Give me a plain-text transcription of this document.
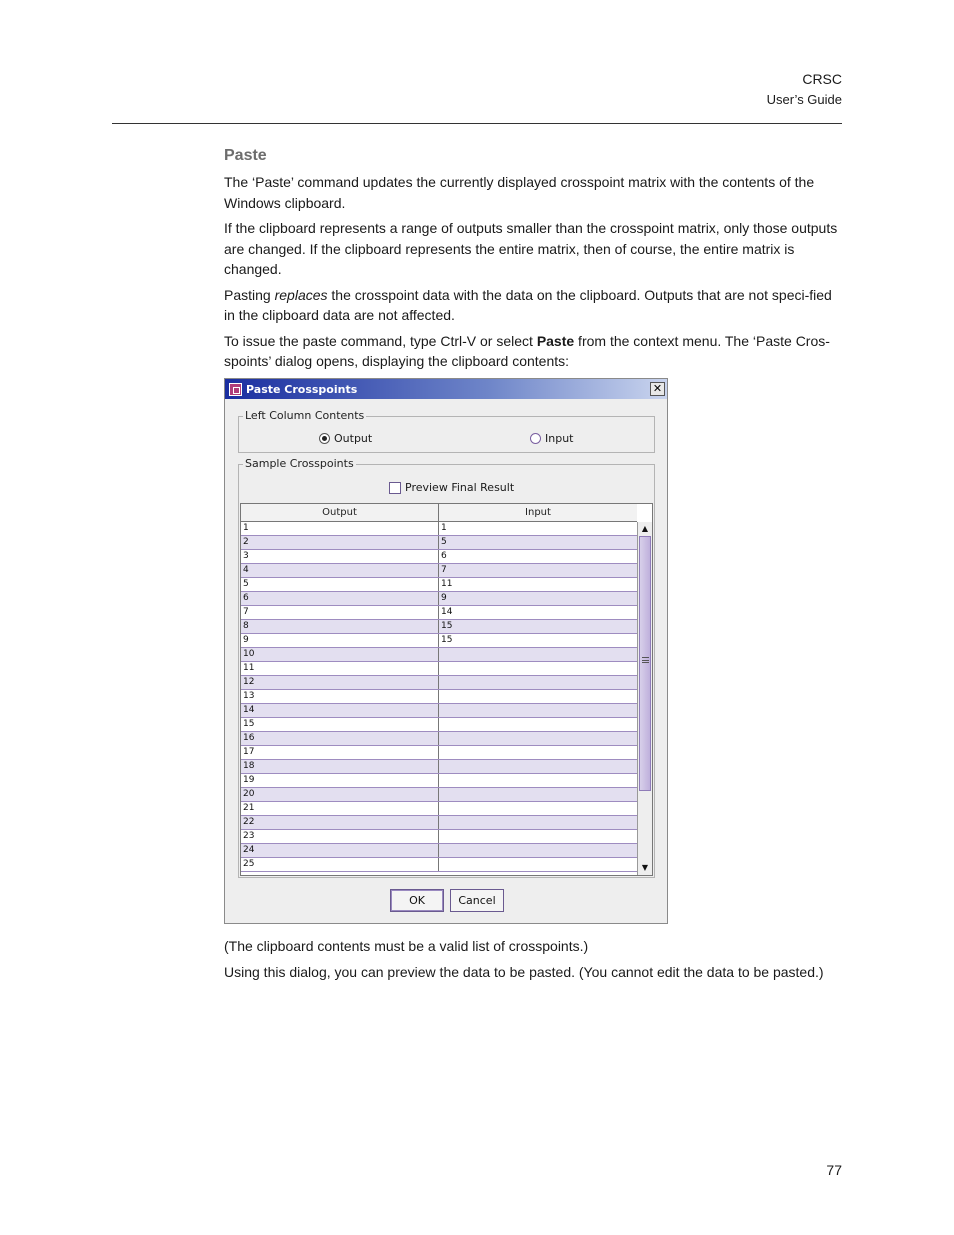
CRSC
User’s Guide
Paste

The ‘Paste’ command updates the currently displayed crosspoint matrix with the contents of the Windows clipboard.

If the clipboard represents a range of outputs smaller than the crosspoint matrix, only those outputs are changed. If the clipboard represents the entire matrix, then of course, the entire matrix is changed.

Pasting replaces the crosspoint data with the data on the clipboard. Outputs that are not speci-fied in the clipboard data are not affected.

To issue the paste command, type Ctrl-V or select Paste from the context menu. The ‘Paste Cros-spoints’ dialog opens, displaying the clipboard contents:

Paste Crosspoints	✕
Left Column Contents
Output	Input
Sample Crosspoints
Preview Final Result
Output	Input
1	1
2	5
3	6
4	7
5	11
6	9
7	14
8	15
9	15
10
11
12
13
14
15
16
17
18
19
20
21
22
23
24
25
▲
▼
OK	Cancel

(The clipboard contents must be a valid list of crosspoints.)

Using this dialog, you can preview the data to be pasted. (You cannot edit the data to be pasted.)

77
